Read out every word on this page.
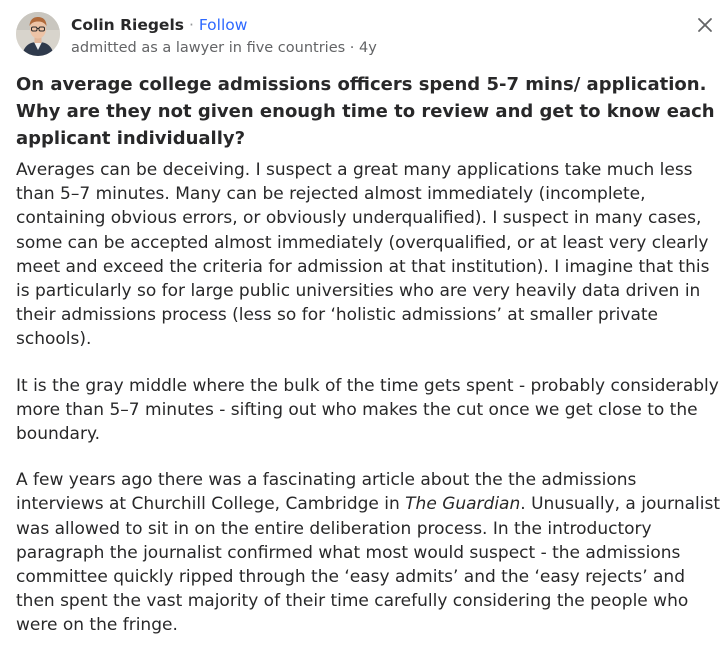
Colin Riegels · Follow
admitted as a lawyer in five countries · 4y
On average college admissions officers spend 5-7 mins/ application. Why are they not given enough time to review and get to know each applicant individually?

Averages can be deceiving. I suspect a great many applications take much less than 5–7 minutes. Many can be rejected almost immediately (incomplete, containing obvious errors, or obviously underqualified). I suspect in many cases, some can be accepted almost immediately (overqualified, or at least very clearly meet and exceed the criteria for admission at that institution). I imagine that this is particularly so for large public universities who are very heavily data driven in their admissions process (less so for ‘holistic admissions’ at smaller private schools).

It is the gray middle where the bulk of the time gets spent - probably considerably more than 5–7 minutes - sifting out who makes the cut once we get close to the boundary.

A few years ago there was a fascinating article about the the admissions interviews at Churchill College, Cambridge in The Guardian. Unusually, a journalist was allowed to sit in on the entire deliberation process. In the introductory paragraph the journalist confirmed what most would suspect - the admissions committee quickly ripped through the ‘easy admits’ and the ‘easy rejects’ and then spent the vast majority of their time carefully considering the people who were on the fringe.
